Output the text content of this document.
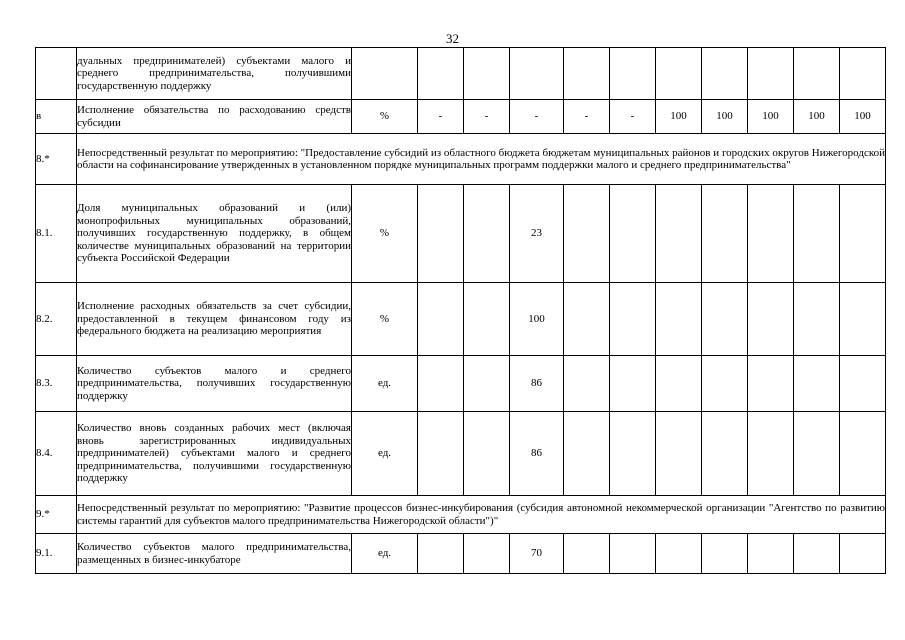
32
	дуальных предпринимателей) субъектами малого и среднего предпринимательства, получившими государственную поддержку											
в	Исполнение обязательства по расходованию средств субсидии	%	-	-	-	-	-	100	100	100	100	100
8.*	Непосредственный результат по мероприятию: "Предоставление субсидий из областного бюджета бюджетам муниципальных районов и городских округов Нижегородской области на софинансирование утвержденных в установленном порядке муниципальных программ поддержки малого и среднего предпринимательства"											
8.1.	Доля муниципальных образований и (или) монопрофильных муниципальных образований, получивших государственную поддержку, в общем количестве муниципальных образований на территории субъекта Российской Федерации	%			23							
8.2.	Исполнение расходных обязательств за счет субсидии, предоставленной в текущем финансовом году из федерального бюджета на реализацию мероприятия	%			100							
8.3.	Количество субъектов малого и среднего предпринимательства, получивших государственную поддержку	ед.			86							
8.4.	Количество вновь созданных рабочих мест (включая вновь зарегистрированных индивидуальных предпринимателей) субъектами малого и среднего предпринимательства, получившими государственную поддержку	ед.			86							
9.*	Непосредственный результат по мероприятию: "Развитие процессов бизнес-инкубирования (субсидия автономной некоммерческой организации "Агентство по развитию системы гарантий для субъектов малого предпринимательства Нижегородской области")"											
9.1.	Количество субъектов малого предпринимательства, размещенных в бизнес-инкубаторе	ед.			70							
